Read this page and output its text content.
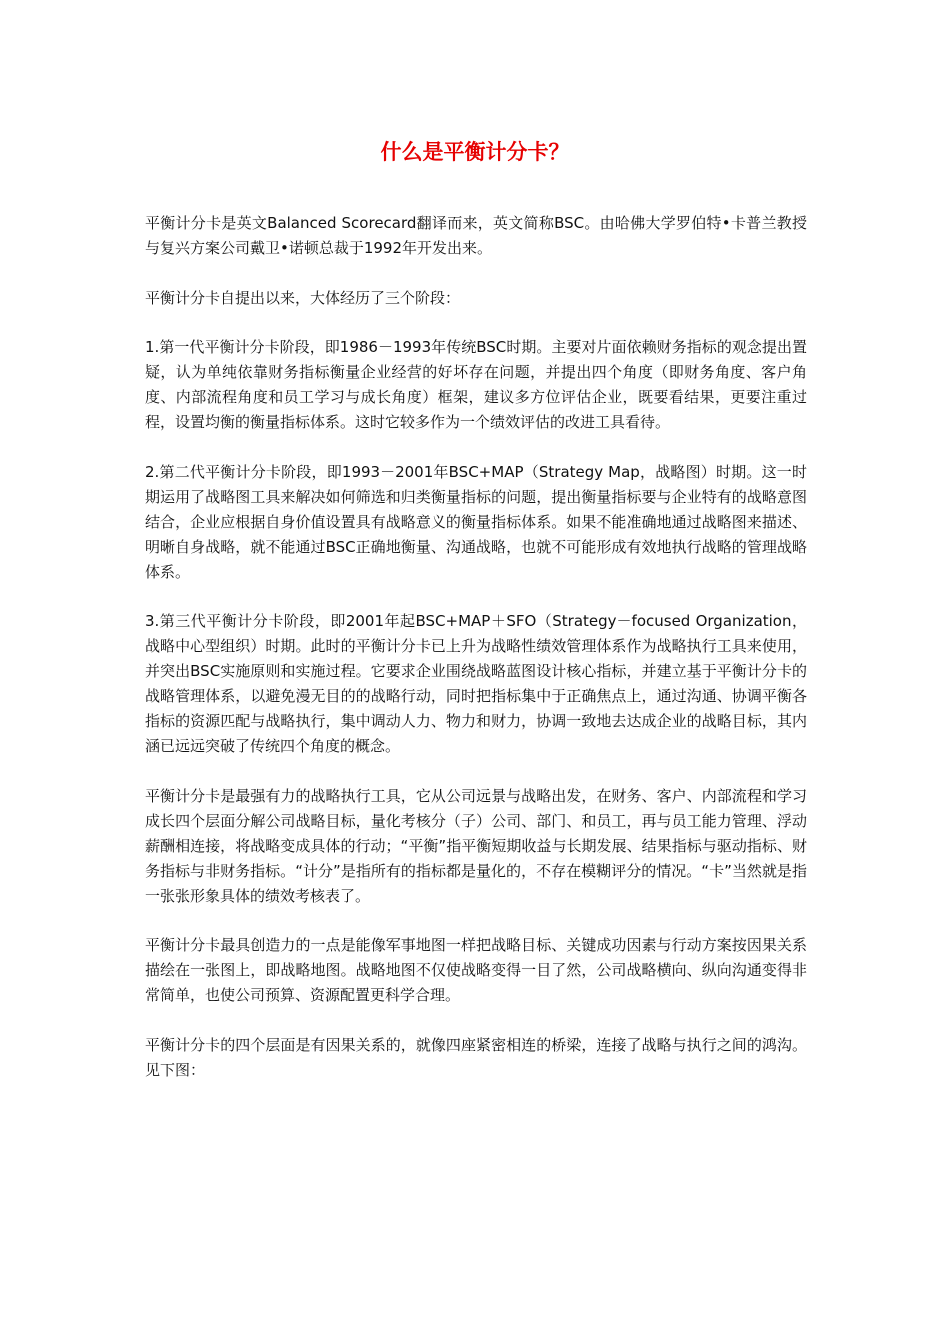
什么是平衡计分卡？

平衡计分卡是英文Balanced Scorecard翻译而来，英文简称BSC。由哈佛大学罗伯特•卡普兰教授与复兴方案公司戴卫•诺顿总裁于1992年开发出来。

平衡计分卡自提出以来，大体经历了三个阶段：

1.第一代平衡计分卡阶段，即1986－1993年传统BSC时期。主要对片面依赖财务指标的观念提出置疑，认为单纯依靠财务指标衡量企业经营的好坏存在问题，并提出四个角度（即财务角度、客户角度、内部流程角度和员工学习与成长角度）框架，建议多方位评估企业，既要看结果，更要注重过程，设置均衡的衡量指标体系。这时它较多作为一个绩效评估的改进工具看待。

2.第二代平衡计分卡阶段，即1993－2001年BSC+MAP（Strategy Map，战略图）时期。这一时期运用了战略图工具来解决如何筛选和归类衡量指标的问题，提出衡量指标要与企业特有的战略意图结合，企业应根据自身价值设置具有战略意义的衡量指标体系。如果不能准确地通过战略图来描述、明晰自身战略，就不能通过BSC正确地衡量、沟通战略，也就不可能形成有效地执行战略的管理战略体系。

3.第三代平衡计分卡阶段，即2001年起BSC+MAP＋SFO（Strategy－focused Organization，战略中心型组织）时期。此时的平衡计分卡已上升为战略性绩效管理体系作为战略执行工具来使用，并突出BSC实施原则和实施过程。它要求企业围绕战略蓝图设计核心指标，并建立基于平衡计分卡的战略管理体系，以避免漫无目的的战略行动，同时把指标集中于正确焦点上，通过沟通、协调平衡各指标的资源匹配与战略执行，集中调动人力、物力和财力，协调一致地去达成企业的战略目标，其内涵已远远突破了传统四个角度的概念。

平衡计分卡是最强有力的战略执行工具，它从公司远景与战略出发，在财务、客户、内部流程和学习成长四个层面分解公司战略目标，量化考核分（子）公司、部门、和员工，再与员工能力管理、浮动薪酬相连接，将战略变成具体的行动；“平衡”指平衡短期收益与长期发展、结果指标与驱动指标、财务指标与非财务指标。“计分”是指所有的指标都是量化的，不存在模糊评分的情况。“卡”当然就是指一张张形象具体的绩效考核表了。

平衡计分卡最具创造力的一点是能像军事地图一样把战略目标、关键成功因素与行动方案按因果关系描绘在一张图上，即战略地图。战略地图不仅使战略变得一目了然，公司战略横向、纵向沟通变得非常简单，也使公司预算、资源配置更科学合理。

平衡计分卡的四个层面是有因果关系的，就像四座紧密相连的桥梁，连接了战略与执行之间的鸿沟。见下图：
